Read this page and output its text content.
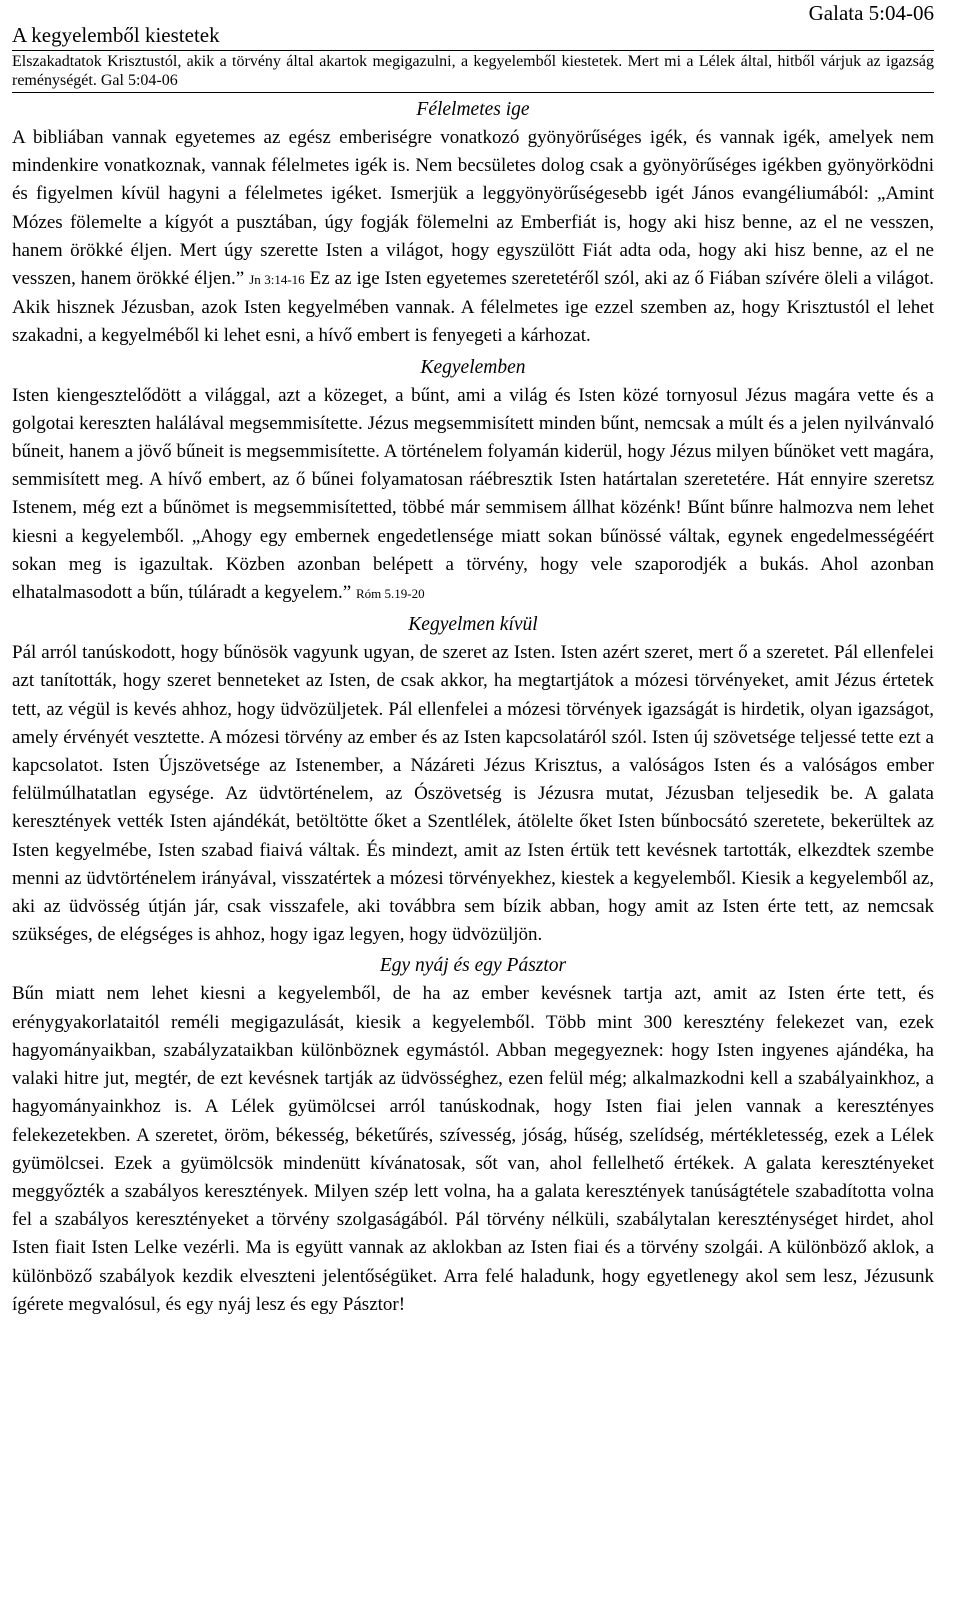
A kegyelemből kiestetek
Galata 5:04-06
Elszakadtatok Krisztustól, akik a törvény által akartok megigazulni, a kegyelemből kiestetek. Mert mi a Lélek által, hitből várjuk az igazság reménységét. Gal 5:04-06
Félelmetes ige

A bibliában vannak egyetemes az egész emberiségre vonatkozó gyönyörűséges igék, és vannak igék, amelyek nem mindenkire vonatkoznak, vannak félelmetes igék is. Nem becsületes dolog csak a gyönyörűséges igékben gyönyörködni és figyelmen kívül hagyni a félelmetes igéket. Ismerjük a leggyönyörűségesebb igét János evangéliumából: „Amint Mózes fölemelte a kígyót a pusztában, úgy fogják fölemelni az Emberfiát is, hogy aki hisz benne, az el ne vesszen, hanem örökké éljen. Mert úgy szerette Isten a világot, hogy egyszülött Fiát adta oda, hogy aki hisz benne, az el ne vesszen, hanem örökké éljen.” Jn 3:14-16 Ez az ige Isten egyetemes szeretetéről szól, aki az ő Fiában szívére öleli a világot. Akik hisznek Jézusban, azok Isten kegyelmében vannak. A félelmetes ige ezzel szemben az, hogy Krisztustól el lehet szakadni, a kegyelméből ki lehet esni, a hívő embert is fenyegeti a kárhozat.

Kegyelemben

Isten kiengesztelődött a világgal, azt a közeget, a bűnt, ami a világ és Isten közé tornyosul Jézus magára vette és a golgotai kereszten halálával megsemmisítette. Jézus megsemmisített minden bűnt, nemcsak a múlt és a jelen nyilvánvaló bűneit, hanem a jövő bűneit is megsemmisítette. A történelem folyamán kiderül, hogy Jézus milyen bűnöket vett magára, semmisített meg. A hívő embert, az ő bűnei folyamatosan ráébresztik Isten határtalan szeretetére. Hát ennyire szeretsz Istenem, még ezt a bűnömet is megsemmisítetted, többé már semmisem állhat közénk! Bűnt bűnre halmozva nem lehet kiesni a kegyelemből. „Ahogy egy embernek engedetlensége miatt sokan bűnössé váltak, egynek engedelmességéért sokan meg is igazultak. Közben azonban belépett a törvény, hogy vele szaporodjék a bukás. Ahol azonban elhatalmasodott a bűn, túláradt a kegyelem.” Róm 5.19-20

Kegyelmen kívül

Pál arról tanúskodott, hogy bűnösök vagyunk ugyan, de szeret az Isten. Isten azért szeret, mert ő a szeretet. Pál ellenfelei azt tanították, hogy szeret benneteket az Isten, de csak akkor, ha megtartjátok a mózesi törvényeket, amit Jézus értetek tett, az végül is kevés ahhoz, hogy üdvözüljetek. Pál ellenfelei a mózesi törvények igazságát is hirdetik, olyan igazságot, amely érvényét vesztette. A mózesi törvény az ember és az Isten kapcsolatáról szól. Isten új szövetsége teljessé tette ezt a kapcsolatot. Isten Újszövetsége az Istenember, a Názáreti Jézus Krisztus, a valóságos Isten és a valóságos ember felülmúlhatatlan egysége. Az üdvtörténelem, az Ószövetség is Jézusra mutat, Jézusban teljesedik be. A galata keresztények vették Isten ajándékát, betöltötte őket a Szentlélek, átölelte őket Isten bűnbocsátó szeretete, bekerültek az Isten kegyelmébe, Isten szabad fiaivá váltak. És mindezt, amit az Isten értük tett kevésnek tartották, elkezdtek szembe menni az üdvtörténelem irányával, visszatértek a mózesi törvényekhez, kiestek a kegyelemből. Kiesik a kegyelemből az, aki az üdvösség útján jár, csak visszafele, aki továbbra sem bízik abban, hogy amit az Isten érte tett, az nemcsak szükséges, de elégséges is ahhoz, hogy igaz legyen, hogy üdvözüljön.

Egy nyáj és egy Pásztor

Bűn miatt nem lehet kiesni a kegyelemből, de ha az ember kevésnek tartja azt, amit az Isten érte tett, és erénygyakorlataitól reméli megigazulását, kiesik a kegyelemből. Több mint 300 keresztény felekezet van, ezek hagyományaikban, szabályzataikban különböznek egymástól. Abban megegyeznek: hogy Isten ingyenes ajándéka, ha valaki hitre jut, megtér, de ezt kevésnek tartják az üdvösséghez, ezen felül még; alkalmazkodni kell a szabályainkhoz, a hagyományainkhoz is. A Lélek gyümölcsei arról tanúskodnak, hogy Isten fiai jelen vannak a keresztényes felekezetekben. A szeretet, öröm, békesség, béketűrés, szívesség, jóság, hűség, szelídség, mértékletesség, ezek a Lélek gyümölcsei. Ezek a gyümölcsök mindenütt kívánatosak, sőt van, ahol fellelhető értékek. A galata keresztényeket meggyőzték a szabályos keresztények. Milyen szép lett volna, ha a galata keresztények tanúságtétele szabadította volna fel a szabályos keresztényeket a törvény szolgaságából. Pál törvény nélküli, szabálytalan kereszténységet hirdet, ahol Isten fiait Isten Lelke vezérli. Ma is együtt vannak az aklokban az Isten fiai és a törvény szolgái. A különböző aklok, a különböző szabályok kezdik elveszteni jelentőségüket. Arra felé haladunk, hogy egyetlenegy akol sem lesz, Jézusunk ígérete megvalósul, és egy nyáj lesz és egy Pásztor!
